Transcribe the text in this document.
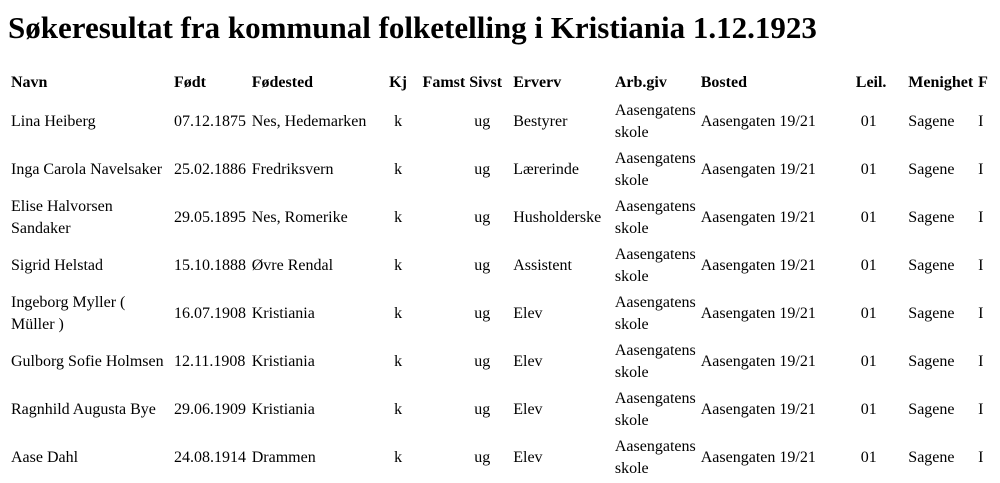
Søkeresultat fra kommunal folketelling i Kristiania 1.12.1923
Navn	Født	Fødested	Kj	Famst	Sivst	Erverv	Arb.giv	Bosted	Leil.	Menighet	F
Lina Heiberg	07.12.1875	Nes, Hedemarken	k		ug	Bestyrer	Aasengatens skole	Aasengaten 19/21	01	Sagene	I
Inga Carola Navelsaker	25.02.1886	Fredriksvern	k		ug	Lærerinde	Aasengatens skole	Aasengaten 19/21	01	Sagene	I
Elise Halvorsen Sandaker	29.05.1895	Nes, Romerike	k		ug	Husholderske	Aasengatens skole	Aasengaten 19/21	01	Sagene	I
Sigrid Helstad	15.10.1888	Øvre Rendal	k		ug	Assistent	Aasengatens skole	Aasengaten 19/21	01	Sagene	I
Ingeborg Myller ( Müller )	16.07.1908	Kristiania	k		ug	Elev	Aasengatens skole	Aasengaten 19/21	01	Sagene	I
Gulborg Sofie Holmsen	12.11.1908	Kristiania	k		ug	Elev	Aasengatens skole	Aasengaten 19/21	01	Sagene	I
Ragnhild Augusta Bye	29.06.1909	Kristiania	k		ug	Elev	Aasengatens skole	Aasengaten 19/21	01	Sagene	I
Aase Dahl	24.08.1914	Drammen	k		ug	Elev	Aasengatens skole	Aasengaten 19/21	01	Sagene	I
